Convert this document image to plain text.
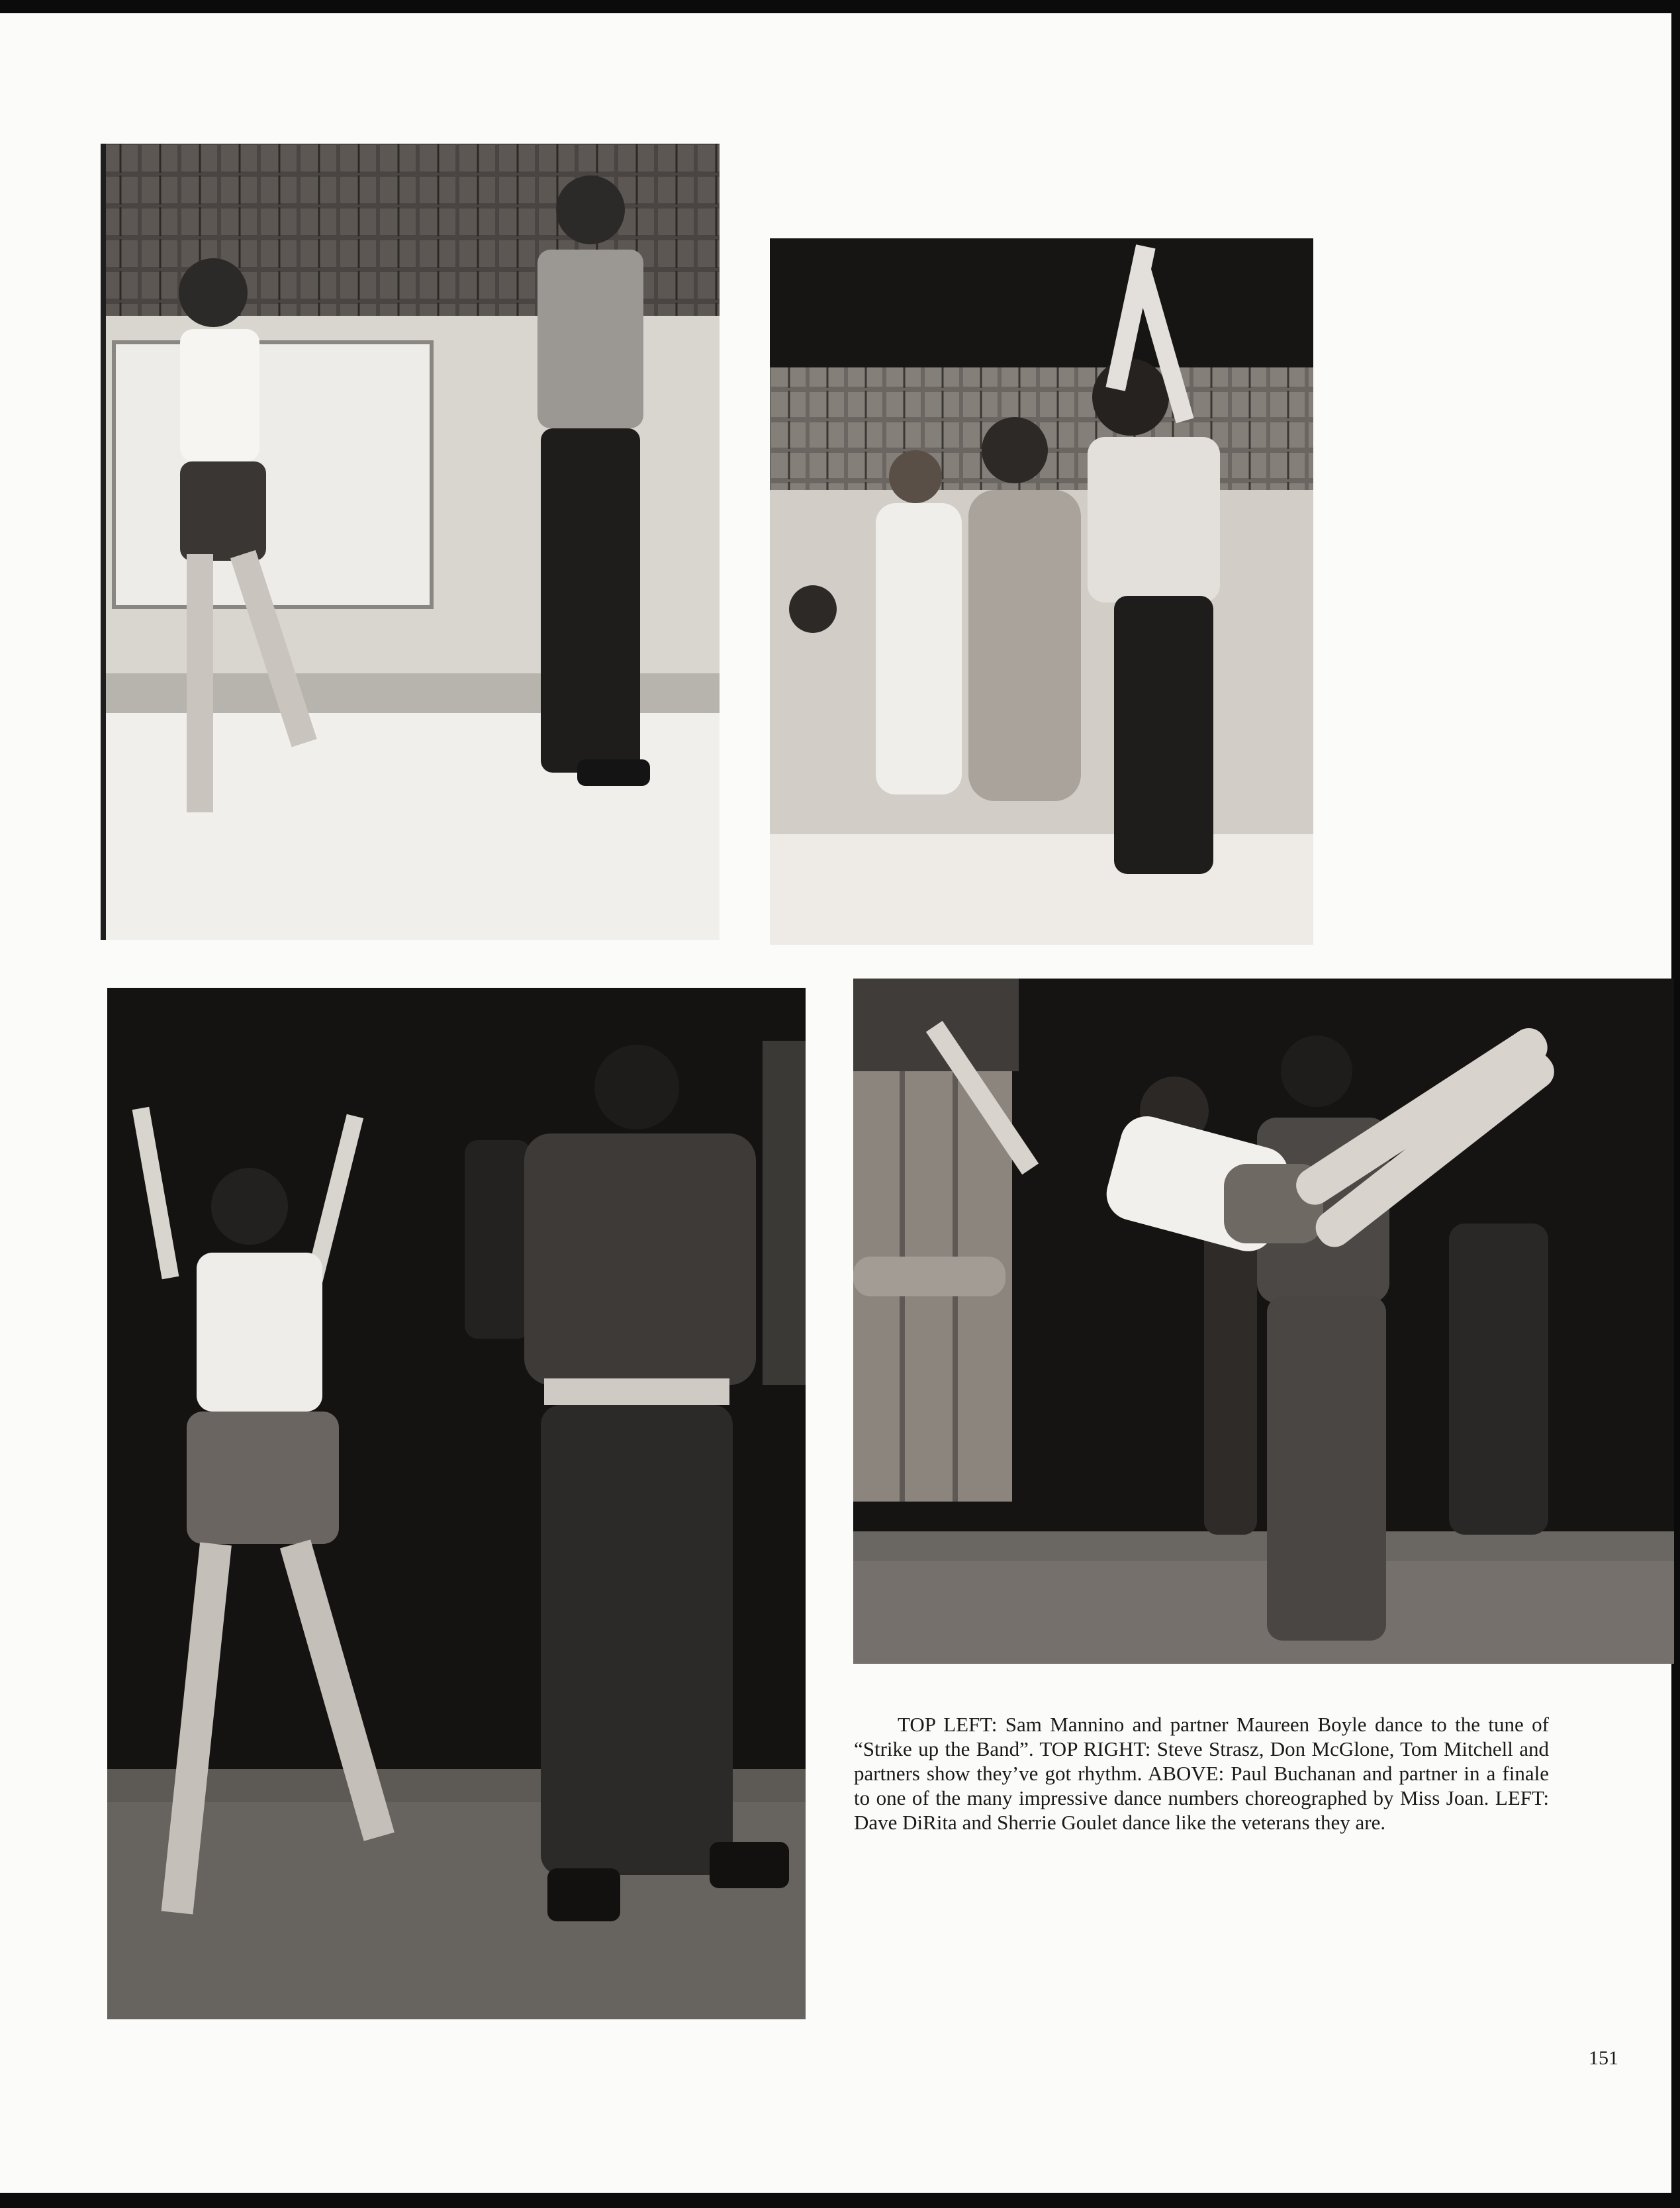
TOP LEFT: Sam Mannino and partner Maureen Boyle dance to the tune of “Strike up the Band”. TOP RIGHT: Steve Strasz, Don McGlone, Tom Mitchell and partners show they’ve got rhythm. ABOVE: Paul Buchanan and partner in a finale to one of the many impressive dance numbers choreographed by Miss Joan. LEFT: Dave DiRita and Sherrie Goulet dance like the veterans they are.

151
